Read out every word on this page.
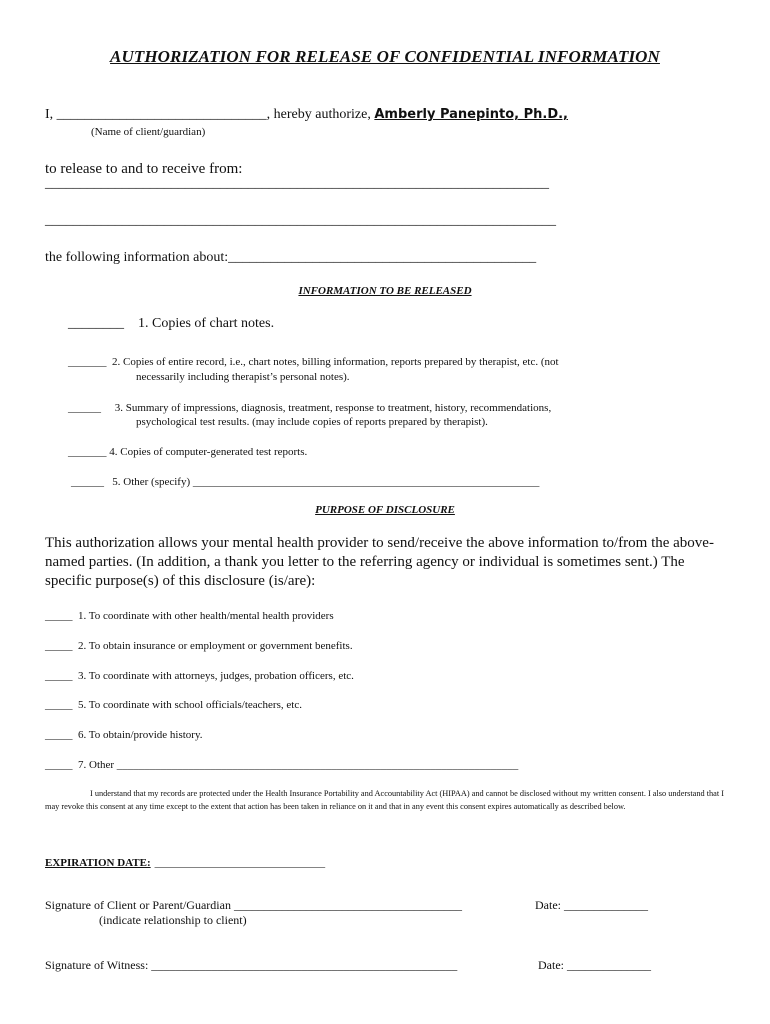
AUTHORIZATION FOR RELEASE OF CONFIDENTIAL INFORMATION
I, ______________________________, hereby authorize, Amberly Panepinto, Ph.D.,
(Name of client/guardian)
to release to and to receive from:
________________________________________________________________________
_________________________________________________________________________
the following information about:____________________________________________
INFORMATION TO BE RELEASED
________ 1. Copies of chart notes.
_______ 2. Copies of entire record, i.e., chart notes, billing information, reports prepared by therapist, etc. (not
necessarily including therapist’s personal notes).
______ 3. Summary of impressions, diagnosis, treatment, response to treatment, history, recommendations,
psychological test results. (may include copies of reports prepared by therapist).
_______ 4. Copies of computer-generated test reports.
______ 5. Other (specify) _______________________________________________________________
PURPOSE OF DISCLOSURE
This authorization allows your mental health provider to send/receive the above information to/from the above-named parties. (In addition, a thank you letter to the referring agency or individual is sometimes sent.) The specific purpose(s) of this disclosure (is/are):
_____ 1. To coordinate with other health/mental health providers
_____ 2. To obtain insurance or employment or government benefits.
_____ 3. To coordinate with attorneys, judges, probation officers, etc.
_____ 5. To coordinate with school officials/teachers, etc.
_____ 6. To obtain/provide history.
_____ 7. Other _________________________________________________________________________
I understand that my records are protected under the Health Insurance Portability and Accountability Act (HIPAA) and cannot be disclosed without my written consent. I also understand that I may revoke this consent at any time except to the extent that action has been taken in reliance on it and that in any event this consent expires automatically as described below.
EXPIRATION DATE: _______________________________
Signature of Client or Parent/Guardian ______________________________________	Date: ______________
(indicate relationship to client)
Signature of Witness: ___________________________________________________	Date: ______________
